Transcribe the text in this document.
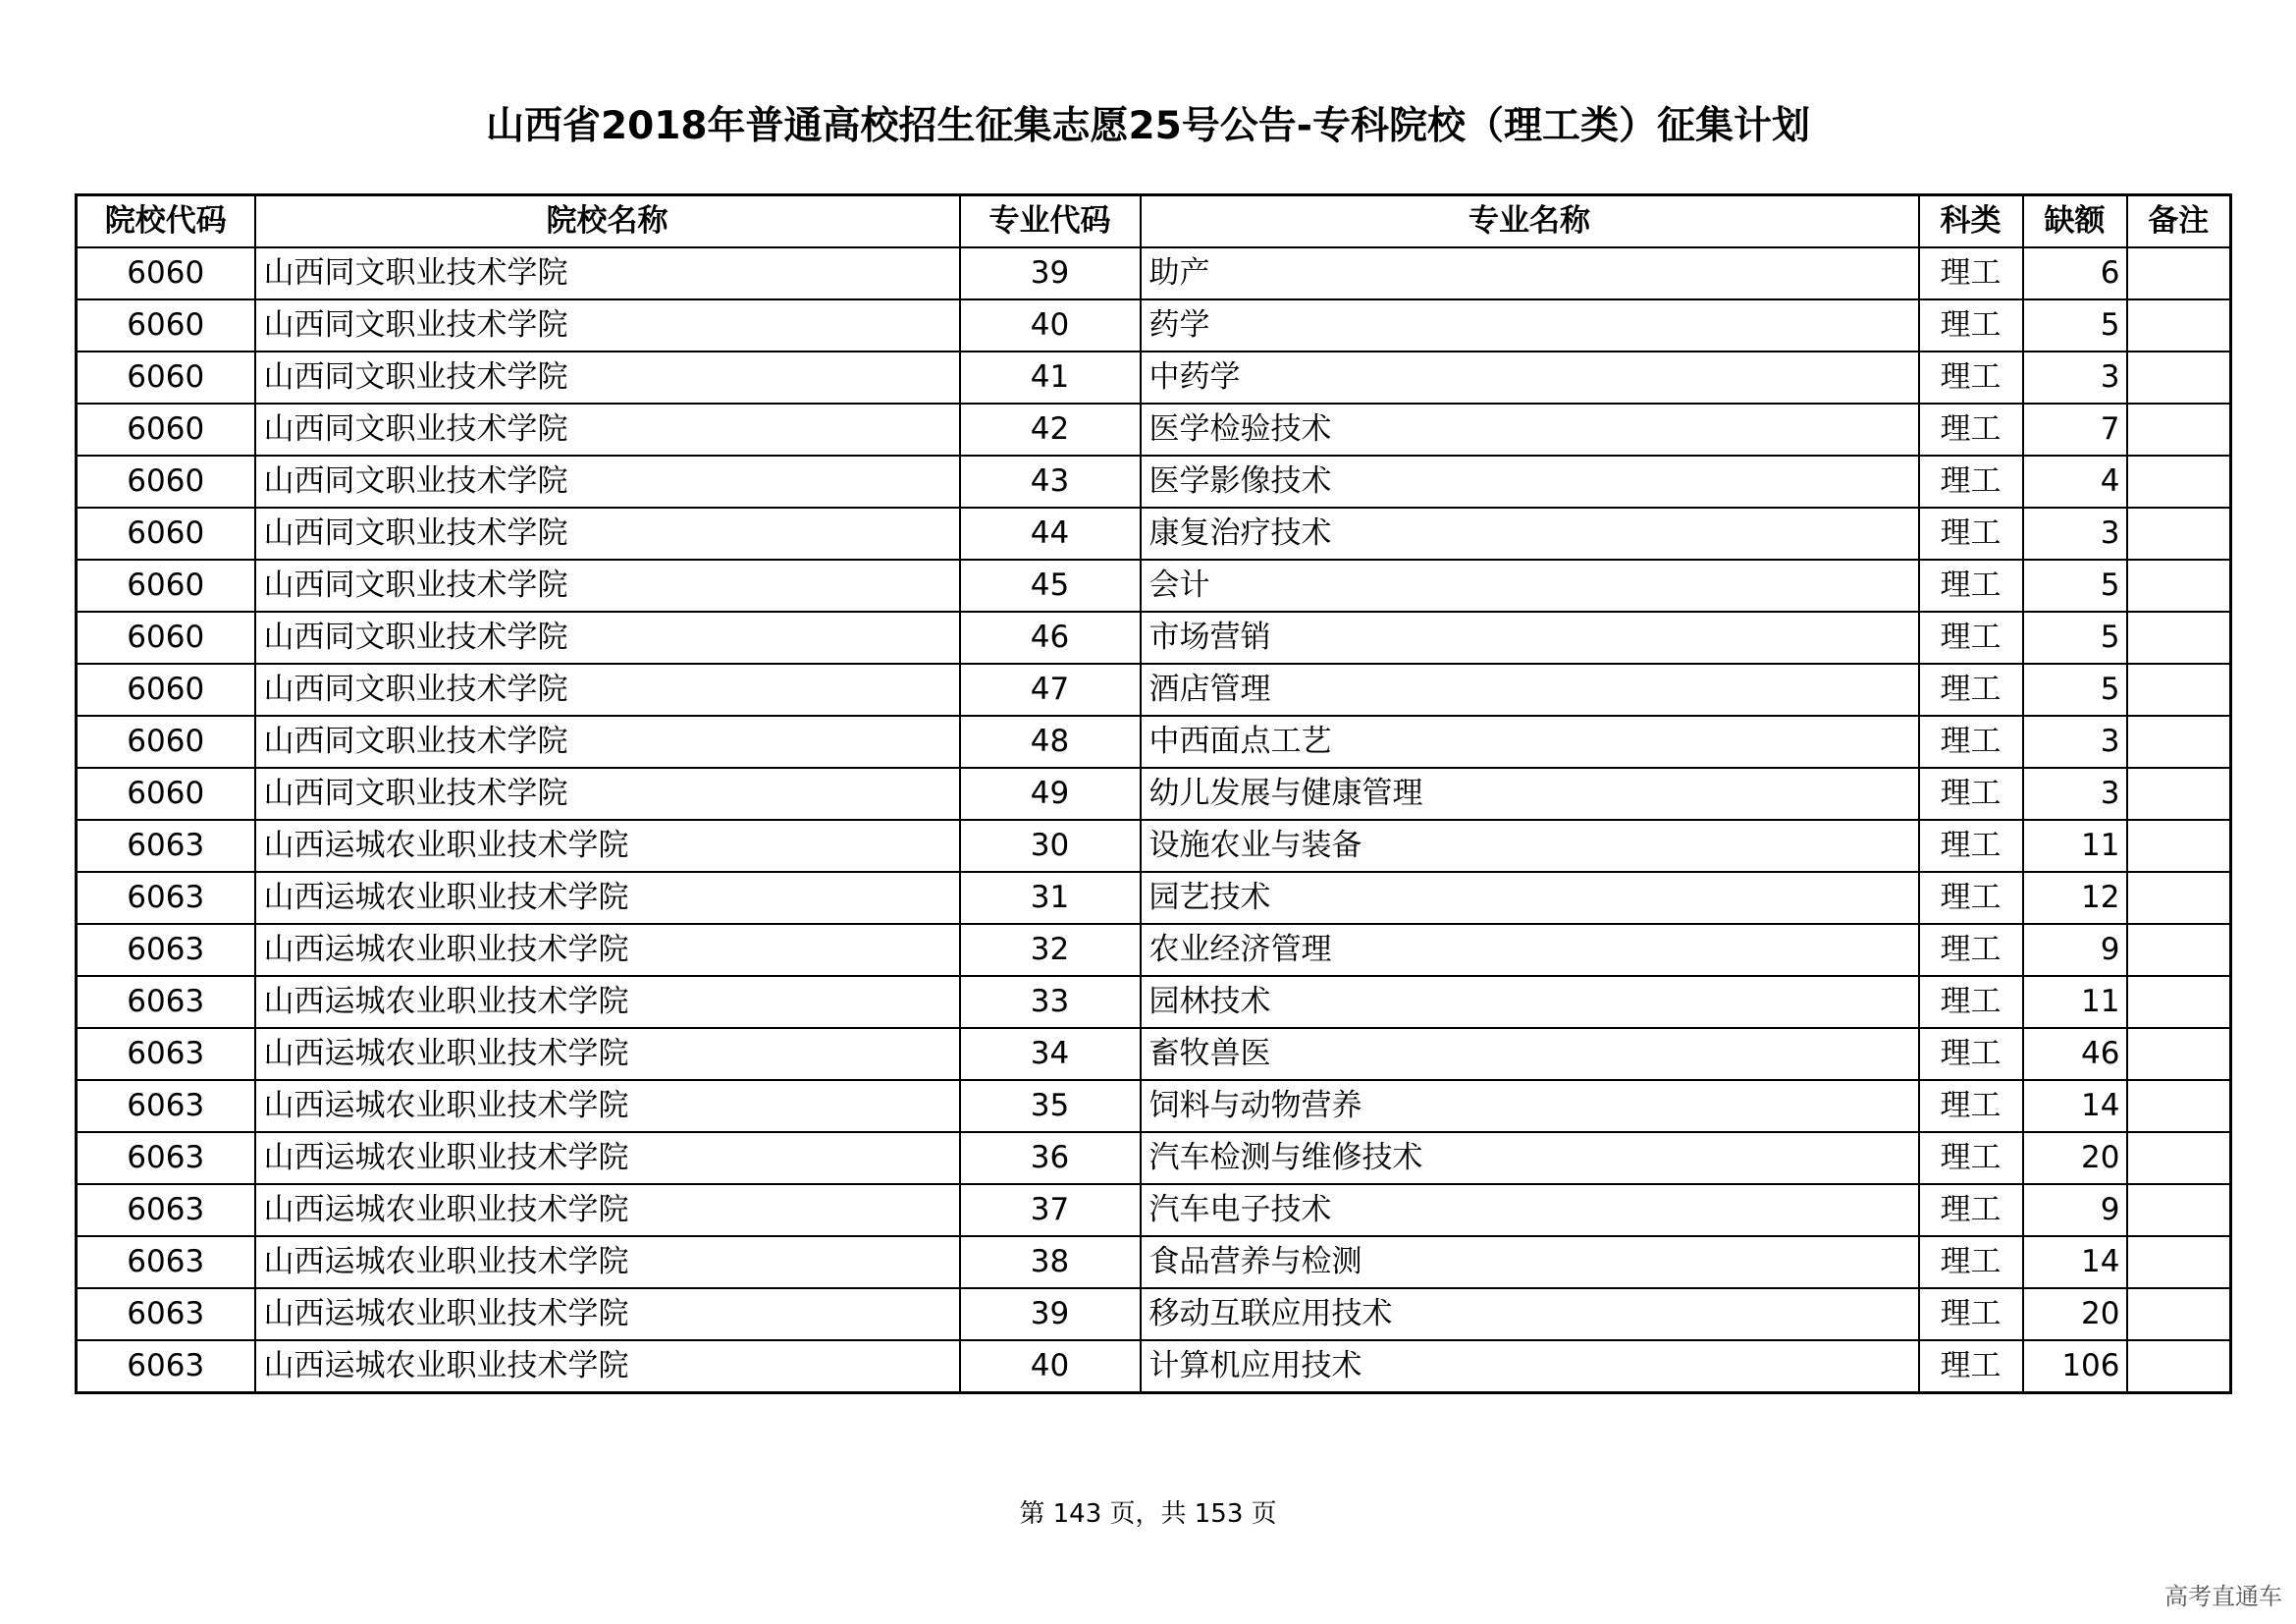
山西省2018年普通高校招生征集志愿25号公告-专科院校（理工类）征集计划
院校代码	院校名称	专业代码	专业名称	科类	缺额	备注
6060	山西同文职业技术学院	39	助产	理工	6	
6060	山西同文职业技术学院	40	药学	理工	5	
6060	山西同文职业技术学院	41	中药学	理工	3	
6060	山西同文职业技术学院	42	医学检验技术	理工	7	
6060	山西同文职业技术学院	43	医学影像技术	理工	4	
6060	山西同文职业技术学院	44	康复治疗技术	理工	3	
6060	山西同文职业技术学院	45	会计	理工	5	
6060	山西同文职业技术学院	46	市场营销	理工	5	
6060	山西同文职业技术学院	47	酒店管理	理工	5	
6060	山西同文职业技术学院	48	中西面点工艺	理工	3	
6060	山西同文职业技术学院	49	幼儿发展与健康管理	理工	3	
6063	山西运城农业职业技术学院	30	设施农业与装备	理工	11	
6063	山西运城农业职业技术学院	31	园艺技术	理工	12	
6063	山西运城农业职业技术学院	32	农业经济管理	理工	9	
6063	山西运城农业职业技术学院	33	园林技术	理工	11	
6063	山西运城农业职业技术学院	34	畜牧兽医	理工	46	
6063	山西运城农业职业技术学院	35	饲料与动物营养	理工	14	
6063	山西运城农业职业技术学院	36	汽车检测与维修技术	理工	20	
6063	山西运城农业职业技术学院	37	汽车电子技术	理工	9	
6063	山西运城农业职业技术学院	38	食品营养与检测	理工	14	
6063	山西运城农业职业技术学院	39	移动互联应用技术	理工	20	
6063	山西运城农业职业技术学院	40	计算机应用技术	理工	106	
第 143 页，共 153 页
高考直通车
